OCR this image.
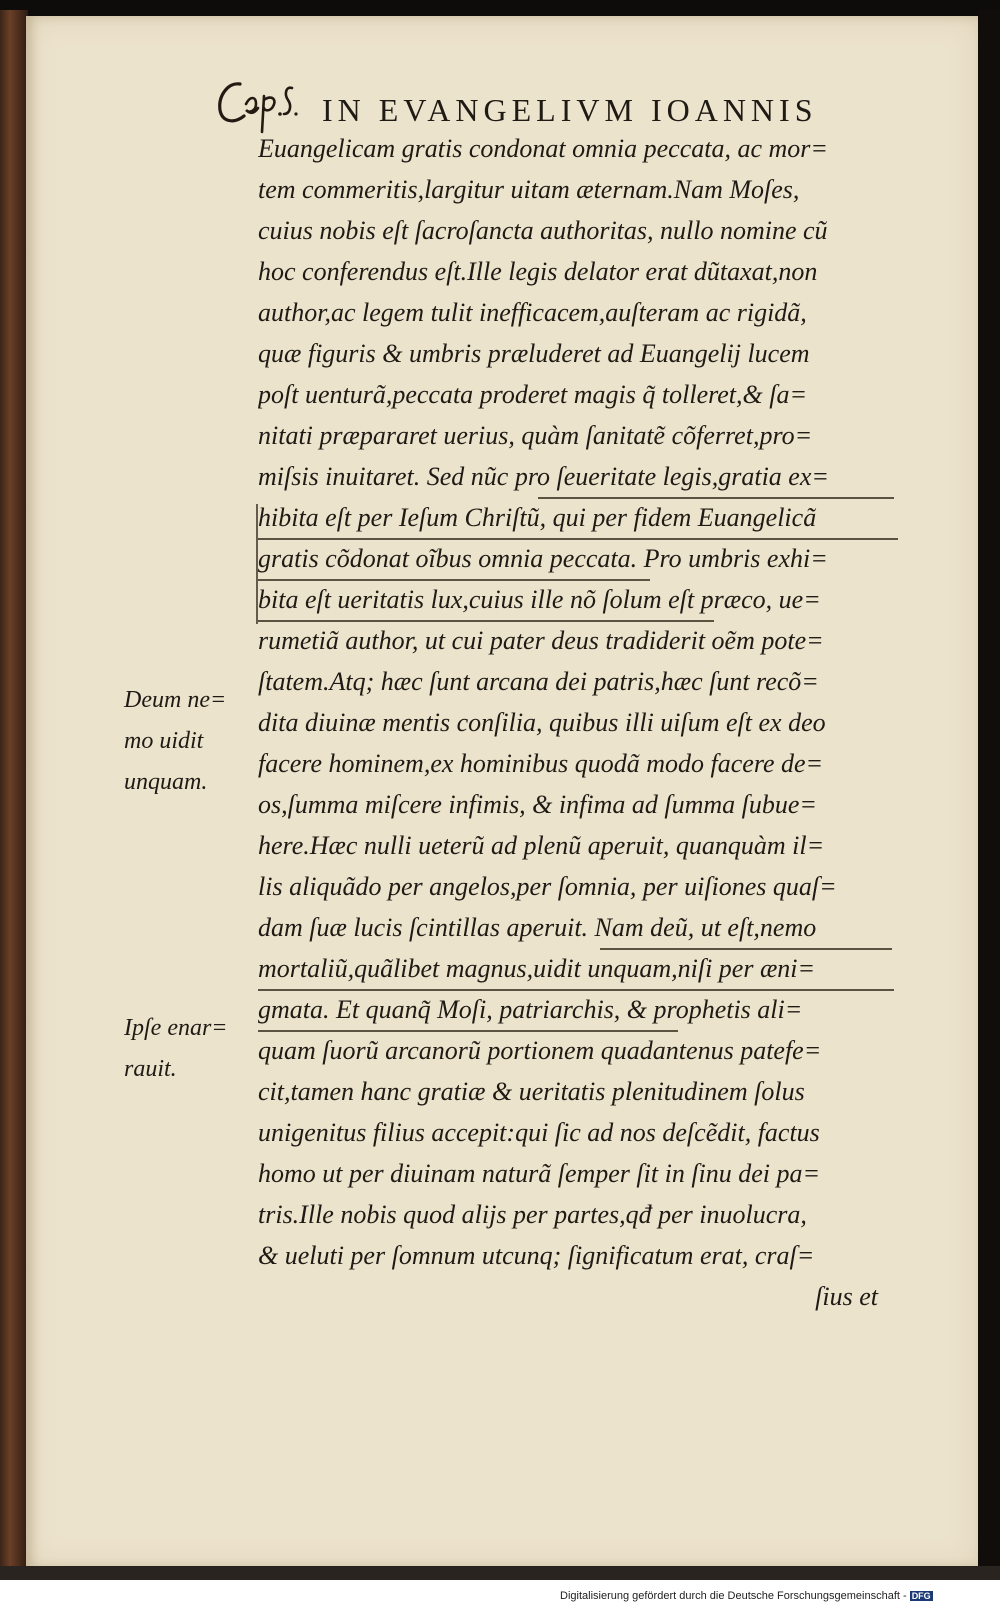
IN EVANGELIVM IOANNIS
Euangelicam gratis condonat omnia peccata, ac mor=
tem commeritis,largitur uitam æternam.Nam Moſes,
cuius nobis eſt ſacroſancta authoritas, nullo nomine cũ
hoc conferendus eſt.Ille legis delator erat dũtaxat,non
author,ac legem tulit inefficacem,auſteram ac rigidã,
quæ figuris & umbris præluderet ad Euangelij lucem
poſt uenturã,peccata proderet magis q̃ tolleret,& ſa=
nitati præpararet uerius, quàm ſanitatẽ cõferret,pro=
miſsis inuitaret. Sed nũc pro ſeueritate legis,gratia ex=
hibita eſt per Ieſum Chriſtũ, qui per fidem Euangelicã
gratis cõdonat oĩbus omnia peccata. Pro umbris exhi=
bita eſt ueritatis lux,cuius ille nõ ſolum eſt præco, ue=
rumetiã author, ut cui pater deus tradiderit oẽm pote=
ſtatem.Atq; hæc ſunt arcana dei patris,hæc ſunt recõ=
dita diuinæ mentis conſilia, quibus illi uiſum eſt ex deo
facere hominem,ex hominibus quodã modo facere de=
os,ſumma miſcere infimis, & infima ad ſumma ſubue=
here.Hæc nulli ueterũ ad plenũ aperuit, quanquàm il=
lis aliquãdo per angelos,per ſomnia, per uiſiones quaſ=
dam ſuæ lucis ſcintillas aperuit. Nam deũ, ut eſt,nemo
mortaliũ,quãlibet magnus,uidit unquam,niſi per æni=
gmata. Et quanq̃ Moſi, patriarchis, & prophetis ali=
quam ſuorũ arcanorũ portionem quadantenus patefe=
cit,tamen hanc gratiæ & ueritatis plenitudinem ſolus
unigenitus filius accepit:qui ſic ad nos deſcẽdit, factus
homo ut per diuinam naturã ſemper ſit in ſinu dei pa=
tris.Ille nobis quod alijs per partes,qđ per inuolucra,
& ueluti per ſomnum utcunq; ſignificatum erat, craſ=
ſius et
Deum ne=
mo uidit
unquam.
Ipſe enar=
rauit.
Digitalisierung gefördert durch die Deutsche Forschungsgemeinschaft - DFG
